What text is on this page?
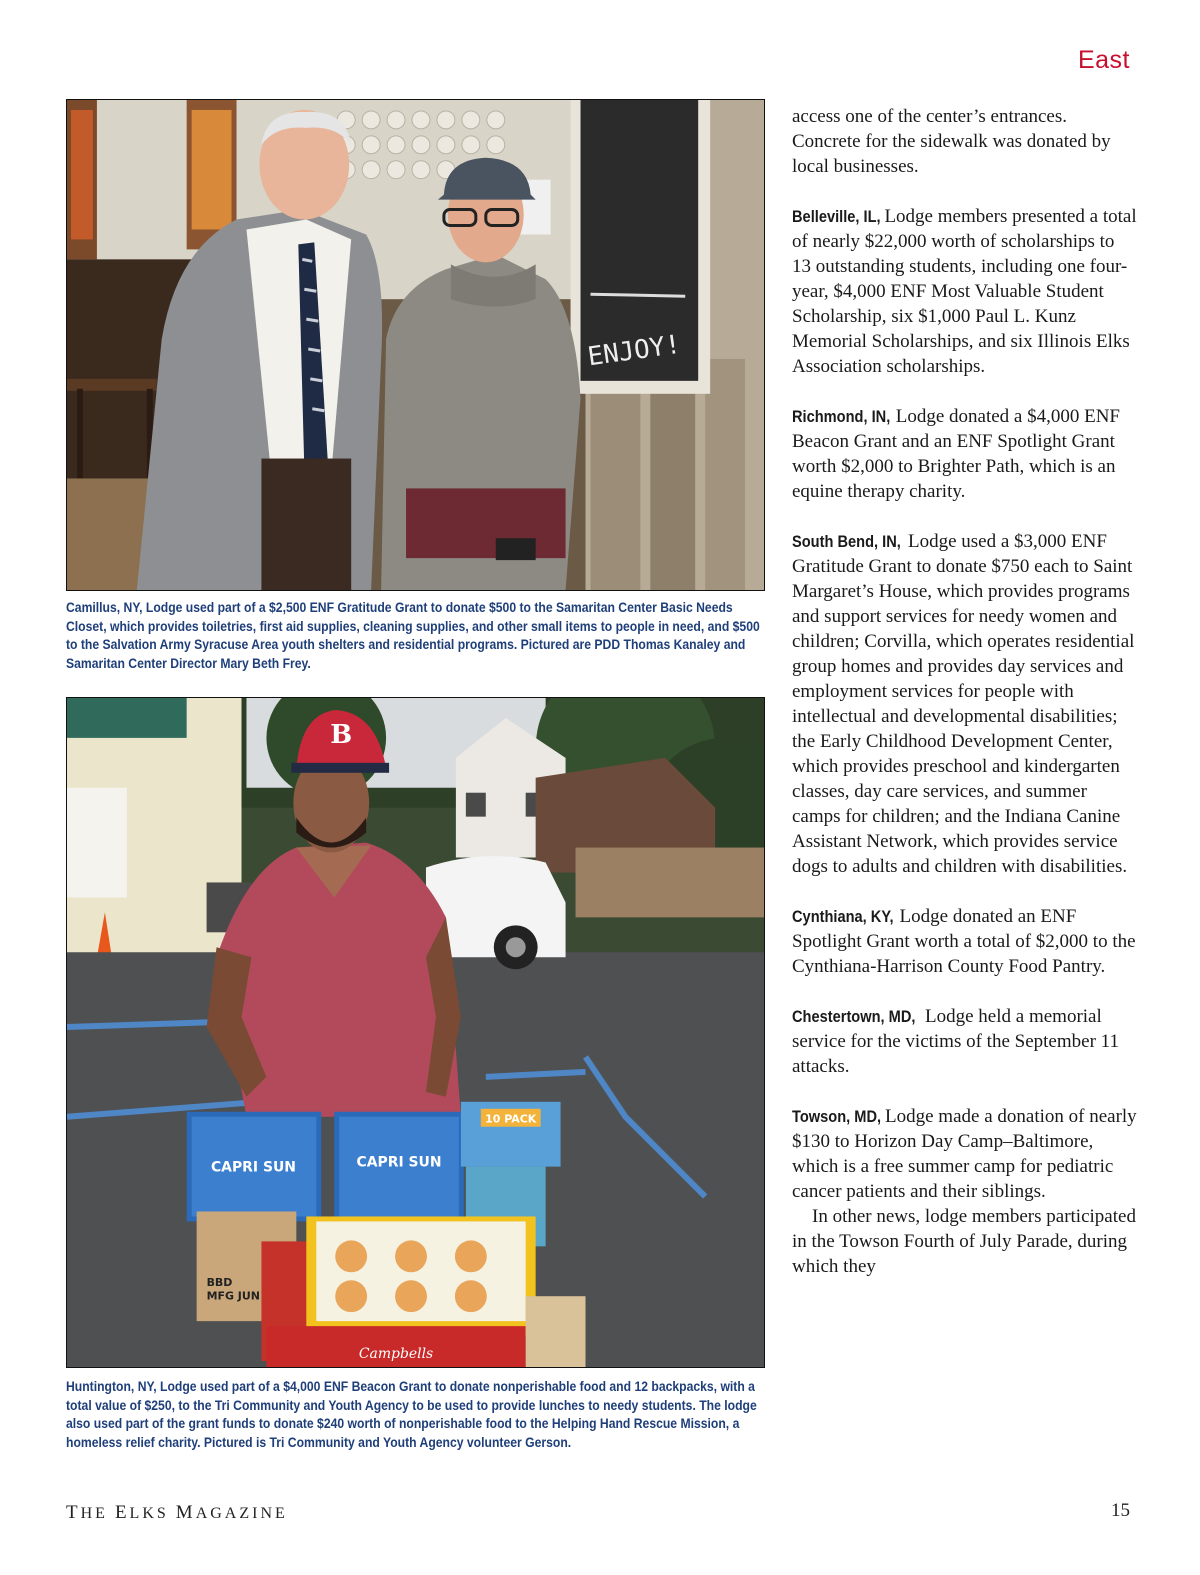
East
ENJOY!
Camillus, NY, Lodge used part of a $2,500 ENF Gratitude Grant to donate $500 to the Samaritan Center Basic Needs Closet, which provides toiletries, first aid supplies, cleaning supplies, and other small items to people in need, and $500 to the Salvation Army Syracuse Area youth shelters and residential programs. Pictured are PDD Thomas Kanaley and Samaritan Center Director Mary Beth Frey.
B
CAPRI SUN	CAPRI SUN
10 PACK
BBD MFG JUN
Campbells
Huntington, NY, Lodge used part of a $4,000 ENF Beacon Grant to donate nonperishable food and 12 backpacks, with a total value of $250, to the Tri Community and Youth Agency to be used to provide lunches to needy students. The lodge also used part of the grant funds to donate $240 worth of nonperishable food to the Helping Hand Rescue Mission, a homeless relief charity. Pictured is Tri Community and Youth Agency volunteer Gerson.

access one of the center’s entrances. Concrete for the sidewalk was donated by local businesses.

Belleville, IL, Lodge members presented a total of nearly $22,000 worth of scholarships to 13 outstanding students, including one four-year, $4,000 ENF Most Valuable Student Scholarship, six $1,000 Paul L. Kunz Memorial Scholarships, and six Illinois Elks Association scholarships.

Richmond, IN, Lodge donated a $4,000 ENF Beacon Grant and an ENF Spotlight Grant worth $2,000 to Brighter Path, which is an equine therapy charity.

South Bend, IN, Lodge used a $3,000 ENF Gratitude Grant to donate $750 each to Saint Margaret’s House, which provides programs and support services for needy women and children; Corvilla, which operates residential group homes and provides day services and employment services for people with intellectual and developmental disabilities; the Early Childhood Development Center, which provides preschool and kindergarten classes, day care services, and summer camps for children; and the Indiana Canine Assistant Network, which provides service dogs to adults and children with disabilities.

Cynthiana, KY, Lodge donated an ENF Spotlight Grant worth a total of $2,000 to the Cynthiana-Harrison County Food Pantry.

Chestertown, MD, Lodge held a memorial service for the victims of the September 11 attacks.

Towson, MD, Lodge made a donation of nearly $130 to Horizon Day Camp–Baltimore, which is a free summer camp for pediatric cancer patients and their siblings.

In other news, lodge members participated in the Towson Fourth of July Parade, during which they

THE ELKS MAGAZINE	15
